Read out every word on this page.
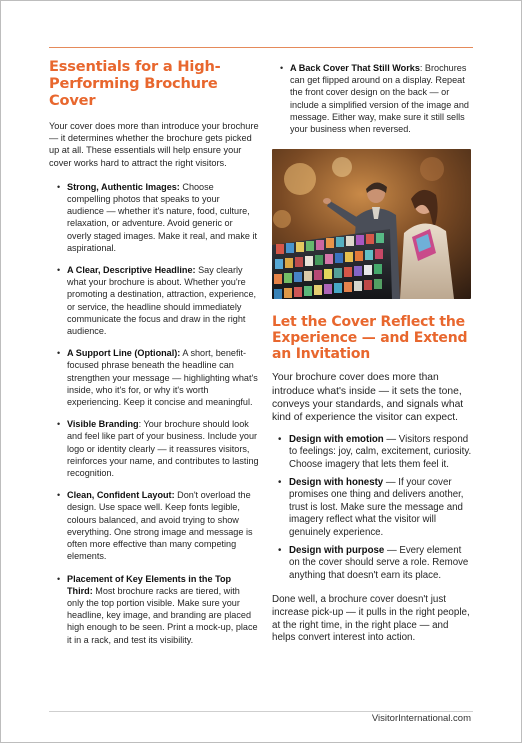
Essentials for a High-Performing Brochure Cover
Your cover does more than introduce your brochure — it determines whether the brochure gets picked up at all. These essentials will help ensure your cover works hard to attract the right visitors.
• Strong, Authentic Images: Choose compelling photos that speaks to your audience — whether it's nature, food, culture, relaxation, or adventure. Avoid generic or overly staged images. Make it real, and make it aspirational.
• A Clear, Descriptive Headline: Say clearly what your brochure is about. Whether you're promoting a destination, attraction, experience, or service, the headline should immediately communicate the focus and draw in the right audience.
• A Support Line (Optional): A short, benefit-focused phrase beneath the headline can strengthen your message — highlighting what's inside, who it's for, or why it's worth experiencing. Keep it concise and meaningful.
• Visible Branding: Your brochure should look and feel like part of your business. Include your logo or identity clearly — it reassures visitors, reinforces your name, and contributes to lasting recognition.
• Clean, Confident Layout: Don't overload the design. Use space well. Keep fonts legible, colours balanced, and avoid trying to show everything. One strong image and message is often more effective than many competing elements.
• Placement of Key Elements in the Top Third: Most brochure racks are tiered, with only the top portion visible. Make sure your headline, key image, and branding are placed high enough to be seen. Print a mock-up, place it in a rack, and test its visibility.
• A Back Cover That Still Works: Brochures can get flipped around on a display. Repeat the front cover design on the back — or include a simplified version of the image and message. Either way, make sure it still sells your business when reversed.
Let the Cover Reflect the Experience — and Extend an Invitation
Your brochure cover does more than introduce what's inside — it sets the tone, conveys your standards, and signals what kind of experience the visitor can expect.
• Design with emotion — Visitors respond to feelings: joy, calm, excitement, curiosity. Choose imagery that lets them feel it.
• Design with honesty — If your cover promises one thing and delivers another, trust is lost. Make sure the message and imagery reflect what the visitor will genuinely experience.
• Design with purpose — Every element on the cover should serve a role. Remove anything that doesn't earn its place.
Done well, a brochure cover doesn't just increase pick-up — it pulls in the right people, at the right time, in the right place — and helps convert interest into action.
VisitorInternational.com
